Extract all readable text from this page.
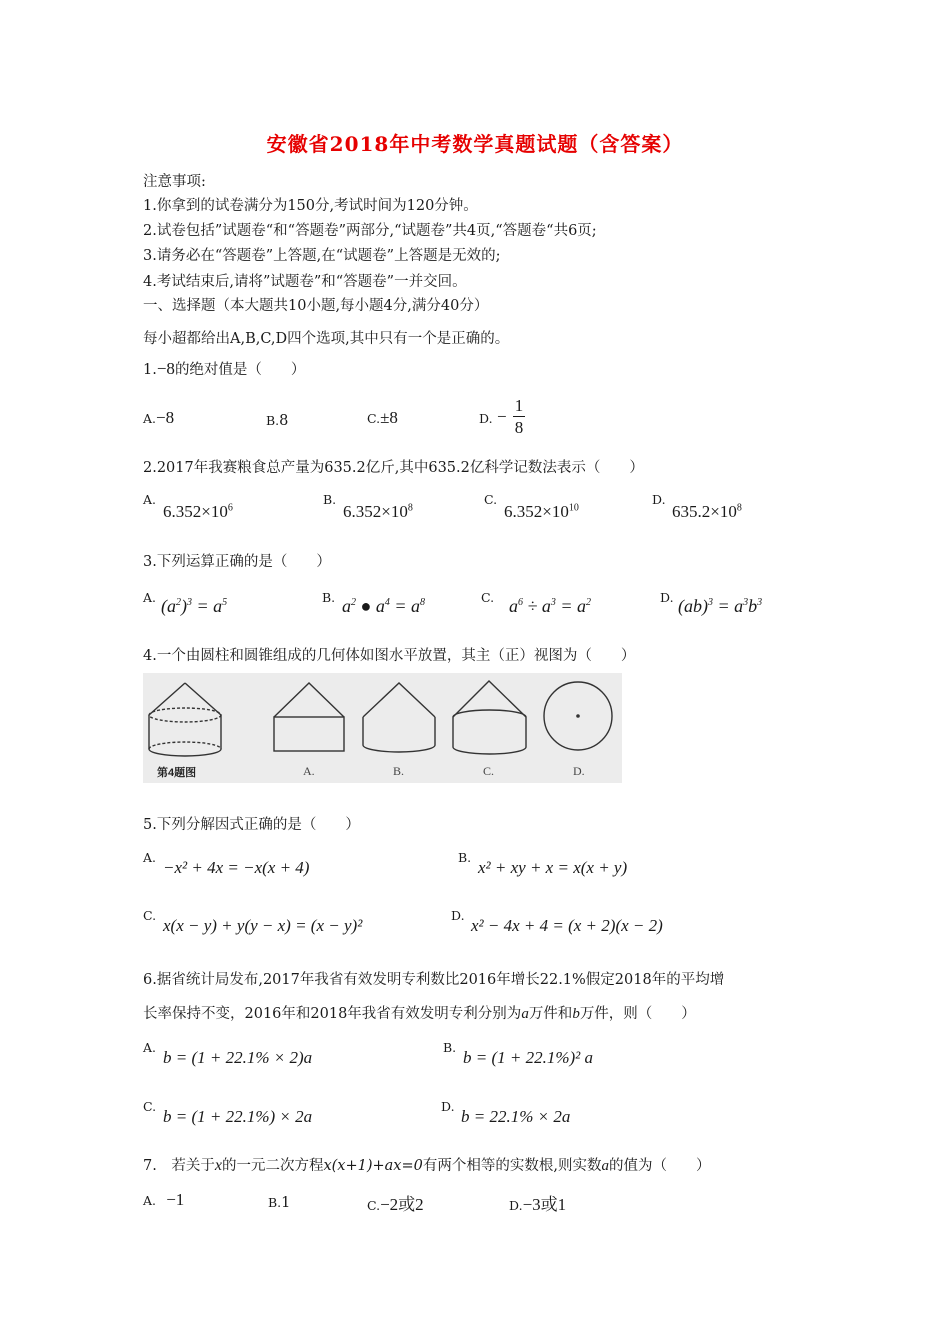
安徽省2018年中考数学真题试题（含答案）
注意事项:
1.你拿到的试卷满分为150分,考试时间为120分钟。
2.试卷包括”试题卷“和“答题卷”两部分,“试题卷”共4页,“答题卷“共6页;
3.请务必在“答题卷”上答题,在“试题卷”上答题是无效的;
4.考试结束后,请将”试题卷”和“答题卷”一并交回。
一、选择题（本大题共10小题,每小题4分,满分40分）
每小超都给出A,B,C,D四个选项,其中只有一个是正确的。
1.−8的绝对值是（　　）
A.−8	B.8	C.±8	D. −
1
8
2.2017年我赛粮食总产量为635.2亿斤,其中635.2亿科学记数法表示（　　）
A.
$6.352\times 10^6$
B.
$6.352\times 10^8$
C.
$6.352\times 10^{10}$
D.
$635.2\times 10^8$
3.下列运算正确的是（　　）
A. $(a^2)^3 = a^5$	B. $a^2$ ● $a^4 = a^8$	C. $a^6 \div a^3 = a^2$	D. $(ab)^3 = a^3b^3$
4.一个由圆柱和圆锥组成的几何体如图水平放置，其主（正）视图为（　　）
第4题图	A.	B.	C.	D.
5.下列分解因式正确的是（　　）
A.
−x² + 4x = −x(x + 4)
B.
x² + xy + x = x(x + y)
C.
x(x − y) + y(y − x) = (x − y)²
D.
x² − 4x + 4 = (x + 2)(x − 2)
6.据省统计局发布,2017年我省有效发明专利数比2016年增长22.1%假定2018年的平均增
长率保持不变，2016年和2018年我省有效发明专利分别为a万件和b万件，则（　　）
A.
b = (1 + 22.1% × 2)a
B.
b = (1 + 22.1%)² a
C.
b = (1 + 22.1%) × 2a
D.
b = 22.1% × 2a
7.　若关于x的一元二次方程x(x+1)+ax=0有两个相等的实数根,则实数a的值为（　　）
A. −1	B.1	C.−2或2	D.−3或1
